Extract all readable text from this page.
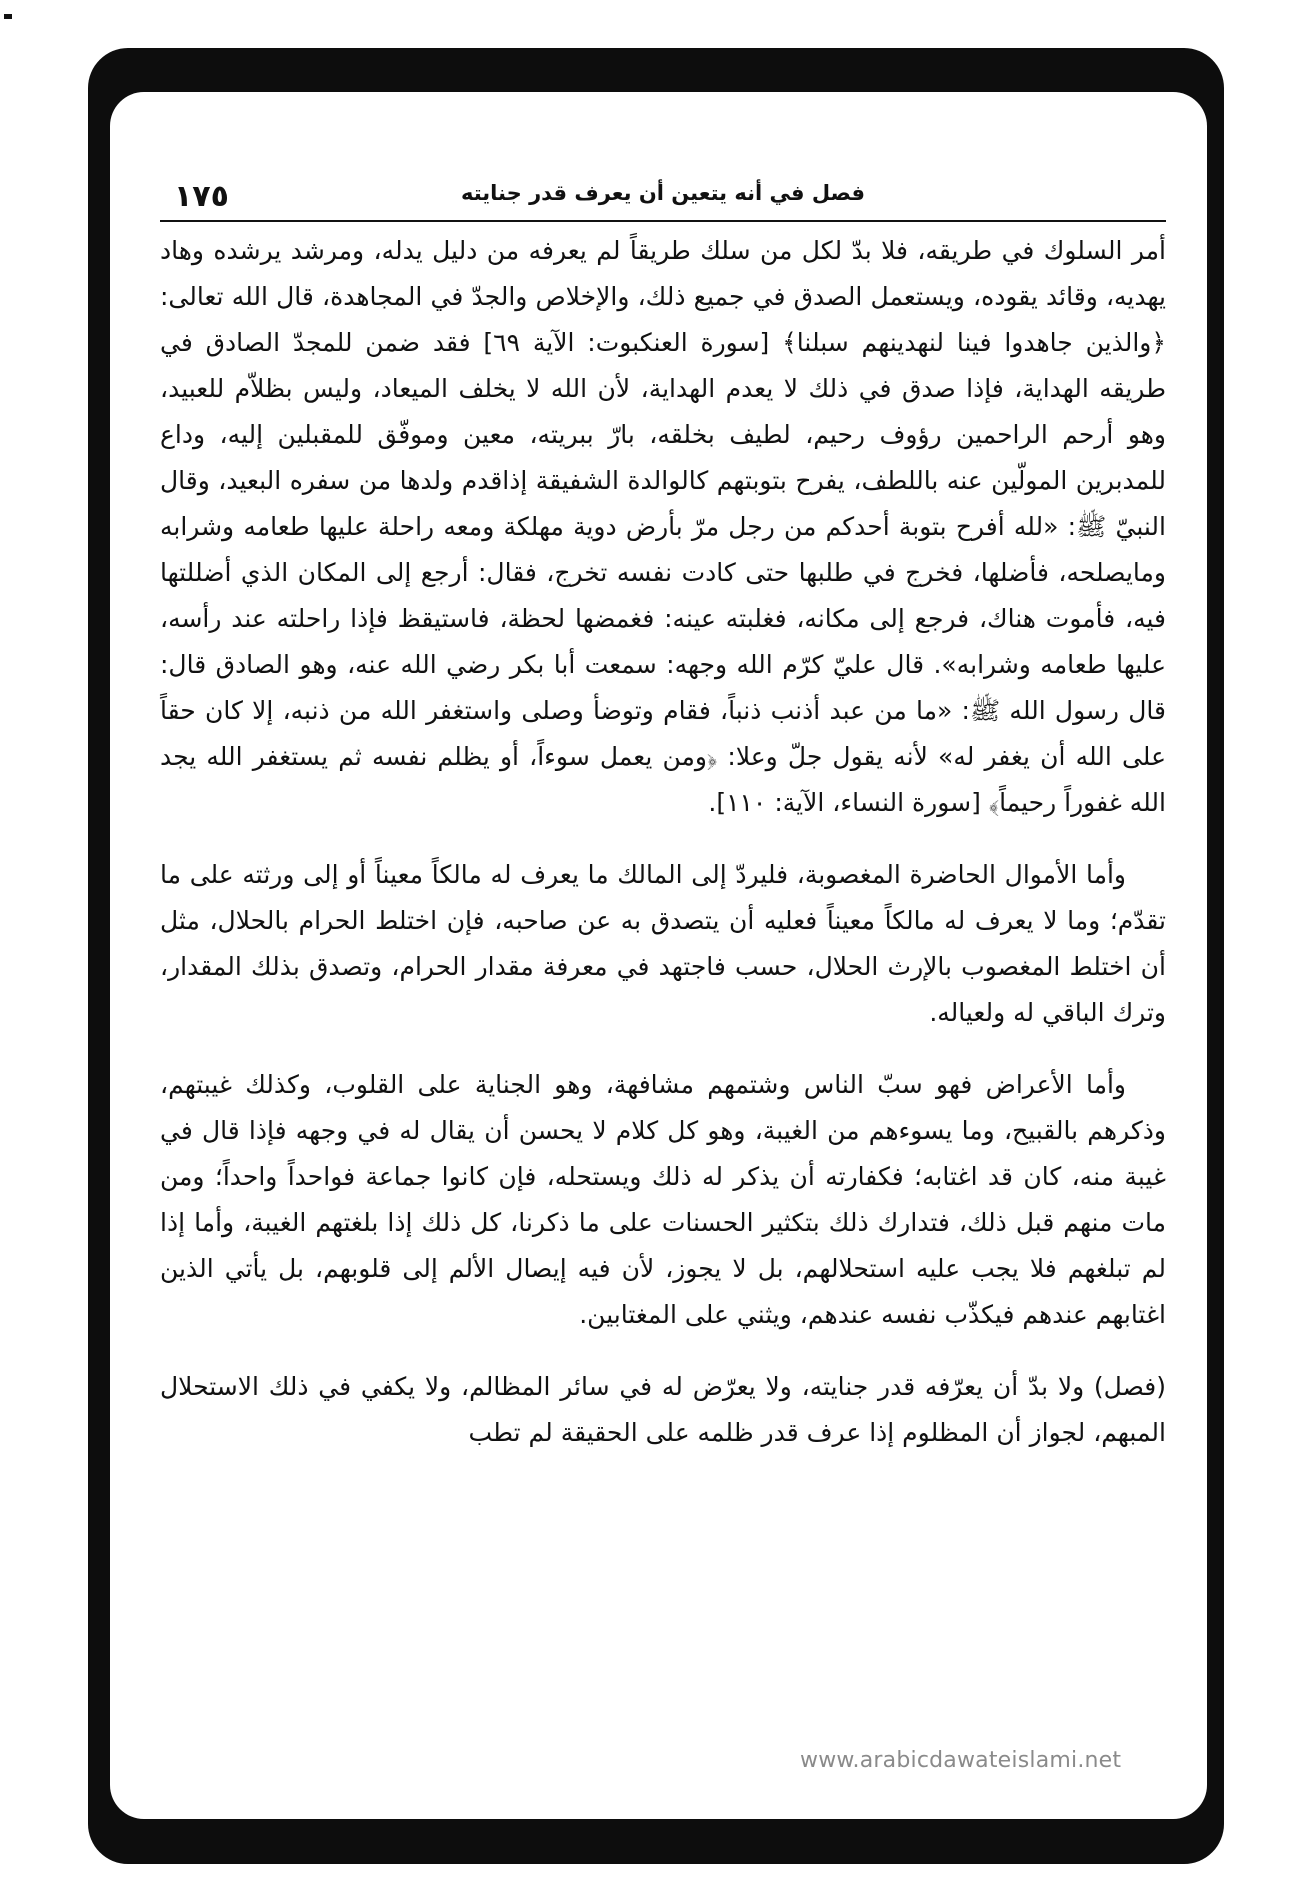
١٧٥	فصل في أنه يتعين أن يعرف قدر جنايته

أمر السلوك في طريقه، فلا بدّ لكل من سلك طريقاً لم يعرفه من دليل يدله، ومرشد يرشده وهاد يهديه، وقائد يقوده، ويستعمل الصدق في جميع ذلك، والإخلاص والجدّ في المجاهدة، قال الله تعالى: ﴿والذين جاهدوا فينا لنهدينهم سبلنا﴾ [سورة العنكبوت: الآية ٦٩] فقد ضمن للمجدّ الصادق في طريقه الهداية، فإذا صدق في ذلك لا يعدم الهداية، لأن الله لا يخلف الميعاد، وليس بظلاّم للعبيد، وهو أرحم الراحمين رؤوف رحيم، لطيف بخلقه، بارّ ببريته، معين وموفّق للمقبلين إليه، وداع للمدبرين المولّين عنه باللطف، يفرح بتوبتهم كالوالدة الشفيقة إذاقدم ولدها من سفره البعيد، وقال النبيّ ﷺ: «لله أفرح بتوبة أحدكم من رجل مرّ بأرض دوية مهلكة ومعه راحلة عليها طعامه وشرابه ومايصلحه، فأضلها، فخرج في طلبها حتى كادت نفسه تخرج، فقال: أرجع إلى المكان الذي أضللتها فيه، فأموت هناك، فرجع إلى مكانه، فغلبته عينه: فغمضها لحظة، فاستيقظ فإذا راحلته عند رأسه، عليها طعامه وشرابه». قال عليّ كرّم الله وجهه: سمعت أبا بكر رضي الله عنه، وهو الصادق قال: قال رسول الله ﷺ: «ما من عبد أذنب ذنباً، فقام وتوضأ وصلى واستغفر الله من ذنبه، إلا كان حقاً على الله أن يغفر له» لأنه يقول جلّ وعلا: ﴿ومن يعمل سوءاً، أو يظلم نفسه ثم يستغفر الله يجد الله غفوراً رحيماً﴾ [سورة النساء، الآية: ١١٠].

وأما الأموال الحاضرة المغصوبة، فليردّ إلى المالك ما يعرف له مالكاً معيناً أو إلى ورثته على ما تقدّم؛ وما لا يعرف له مالكاً معيناً فعليه أن يتصدق به عن صاحبه، فإن اختلط الحرام بالحلال، مثل أن اختلط المغصوب بالإرث الحلال، حسب فاجتهد في معرفة مقدار الحرام، وتصدق بذلك المقدار، وترك الباقي له ولعياله.

وأما الأعراض فهو سبّ الناس وشتمهم مشافهة، وهو الجناية على القلوب، وكذلك غيبتهم، وذكرهم بالقبيح، وما يسوءهم من الغيبة، وهو كل كلام لا يحسن أن يقال له في وجهه فإذا قال في غيبة منه، كان قد اغتابه؛ فكفارته أن يذكر له ذلك ويستحله، فإن كانوا جماعة فواحداً واحداً؛ ومن مات منهم قبل ذلك، فتدارك ذلك بتكثير الحسنات على ما ذكرنا، كل ذلك إذا بلغتهم الغيبة، وأما إذا لم تبلغهم فلا يجب عليه استحلالهم، بل لا يجوز، لأن فيه إيصال الألم إلى قلوبهم، بل يأتي الذين اغتابهم عندهم فيكذّب نفسه عندهم، ويثني على المغتابين.

(فصل) ولا بدّ أن يعرّفه قدر جنايته، ولا يعرّض له في سائر المظالم، ولا يكفي في ذلك الاستحلال المبهم، لجواز أن المظلوم إذا عرف قدر ظلمه على الحقيقة لم تطب

www.arabicdawateislami.net
